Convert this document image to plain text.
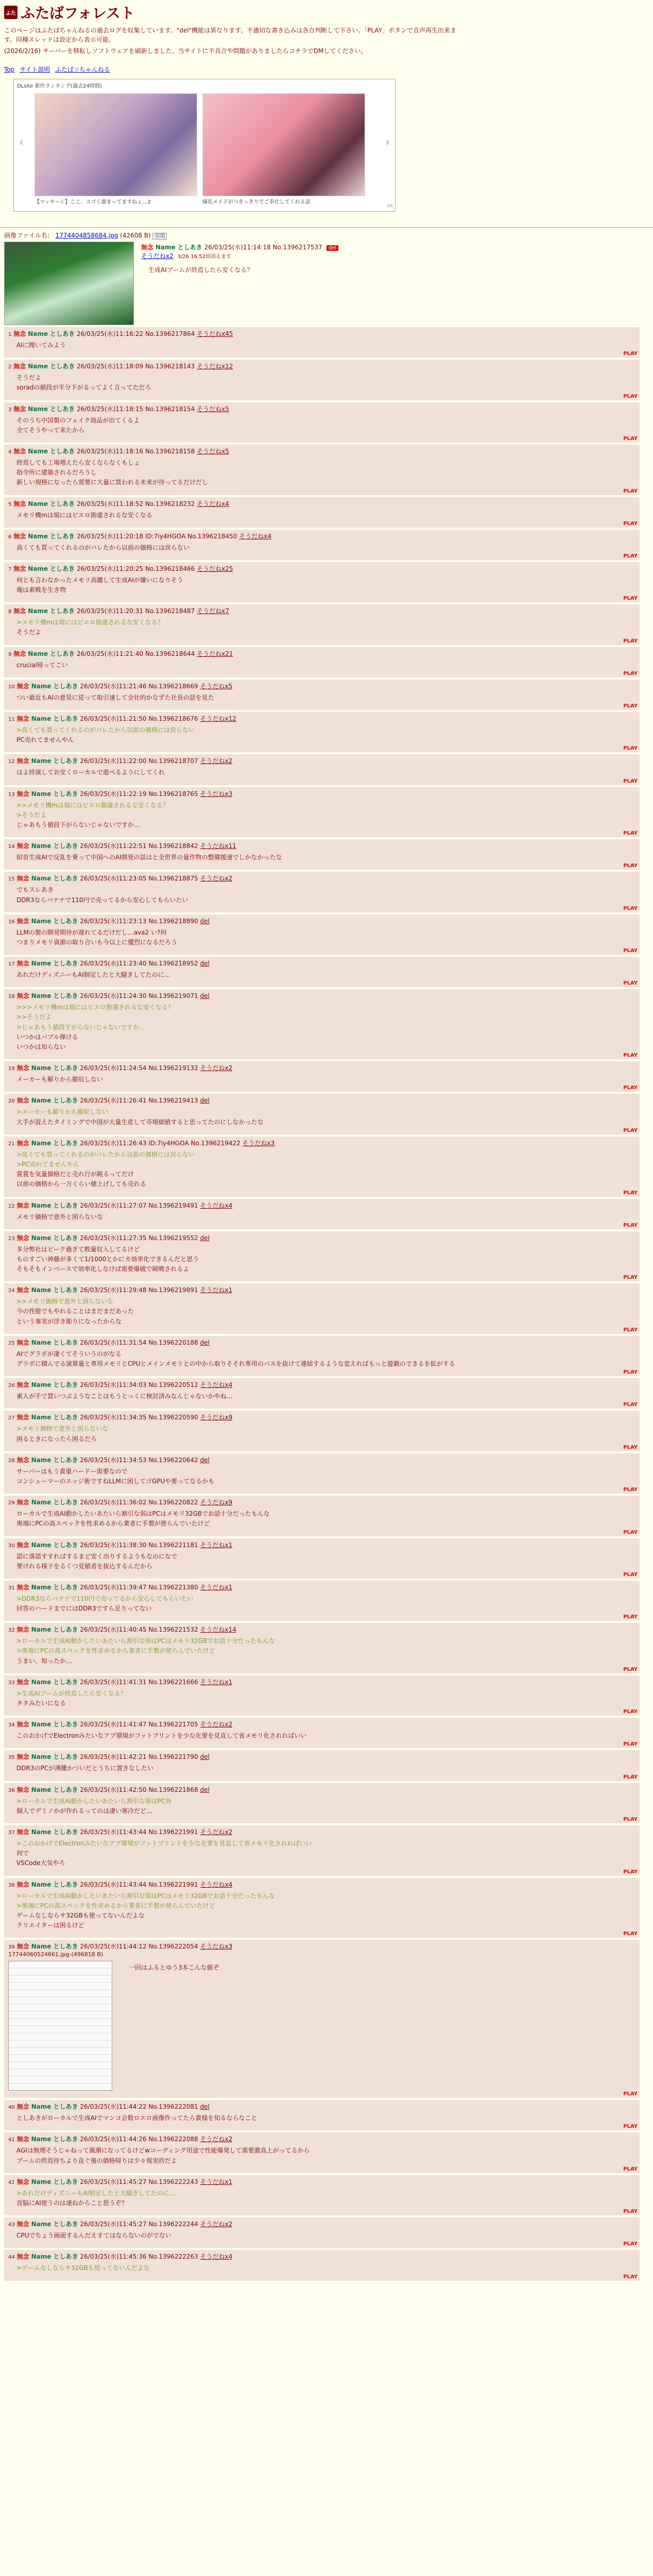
ふた ふたばフォレスト

このページはふたばちゃんねるの過去ログを収集しています。"del"機能は異なります。不適切な書き込みは各自判断して下さい。「PLAY」ボタンで音声再生出来ます。同種スレッドは設定から表示可能。

(2026/2/16) サーバーを移転しソフトウェアを刷新しました。当サイトに不具合や問題がありましたらコチラでDMしてください。

Top サイト説明 ふたば☆ちゃんねる
DLsite 新作ランキング(過去24時間)
【マッサージ】ここ、スゴく溜まってますねぇ…2	爆乳メイドがつきっきりでご奉仕してくれる話
‹	›
PR
画像ファイル名： 1774404858684.jpg (42608 B) 引用
無念 Name としあき 26/03/25(水)11:14:18 No.1396217537 del
そうだねx2 3/26 16:52頃消えます
生成AIブームが終焉したら安くなる？
1 無念 Name としあき 26/03/25(水)11:16:22 No.1396217864 そうだねx45
AIに聞いてみよう
PLAY
2 無念 Name としあき 26/03/25(水)11:18:09 No.1396218143 そうだねx12
そうだよ
soradの値段が半分下がるってよく言ってただろ
PLAY
3 無念 Name としあき 26/03/25(水)11:18:15 No.1396218154 そうだねx5
そのうち中国製のフェイク商品が出てくるよ
全てそうやって来たから
PLAY
4 無念 Name としあき 26/03/25(水)11:18:16 No.1396218158 そうだねx5
終焉しても工場増えたら安くならなくもしょ
指令所に建築されるだろうし
新しい規格になったら需要に大量に買われる未来が待ってるだけだし
PLAY
5 無念 Name としあき 26/03/25(水)11:18:52 No.1396218232 そうだねx4
メモリ機mは規にはピエロ勘違されるな安くなる
PLAY
6 無念 Name としあき 26/03/25(水)11:20:18 ID:7iy4HGOA No.1396218450 そうだねx4
高くても買ってくれるのがバレたから以前の価格には戻らない
PLAY
7 無念 Name としあき 26/03/25(水)11:20:25 No.1396218466 そうだねx25
何とも言わなかったメモリ高騰して生成AIが嫌いになりそう
俺は素戦を生き物
PLAY
8 無念 Name としあき 26/03/25(水)11:20:31 No.1396218487 そうだねx7
>メモリ機mは規にはピエロ勘違されるな安くなる？
そうだよ
PLAY
9 無念 Name としあき 26/03/25(水)11:21:40 No.1396218644 そうだねx21
crucial帰ってこい
PLAY
10 無念 Name としあき 26/03/25(水)11:21:46 No.1396218669 そうだねx5
つい最近もAIの意見に従って取引速して全社的かなずた社長の話を見た
PLAY
11 無念 Name としあき 26/03/25(水)11:21:50 No.1396218676 そうだねx12
>高くても買ってくれるのがバレたから以前の価格には戻らない
PC売れてませんやん
PLAY
12 無念 Name としあき 26/03/25(水)11:22:00 No.1396218707 そうだねx2
はよ終演してお安くローカルで遊べるようにしてくれ
PLAY
13 無念 Name としあき 26/03/25(水)11:22:19 No.1396218765 そうだねx3
>>メモリ機mは規にはピエロ勘違されるな安くなる？
>そうだよ
じゃあもう値段下がらないじゃないですか…
PLAY
14 無念 Name としあき 26/03/25(水)11:22:51 No.1396218842 そうだねx11
紹首生成AIで反乱を乗って中国へのAI開発の話はと全世界の量作物の整備援速でしかなかったな
PLAY
15 無念 Name としあき 26/03/25(水)11:23:05 No.1396218875 そうだねx2
でもスレあき
DDR3ならバナナで110円で売ってるから安心してもらいたい
PLAY
16 無念 Name としあき 26/03/25(水)11:23:13 No.1396218890 del
LLMの製の開発期待が遅れてるだけだし…ava2 い?何
つまりメモリ資源の取り合いも今以上に優烈になるだろう
PLAY
17 無念 Name としあき 26/03/25(水)11:23:40 No.1396218952 del
あれだけディズニーもAI制定したと大騒ぎしてたのに…
PLAY
18 無念 Name としあき 26/03/25(水)11:24:30 No.1396219071 del
>>>メモリ機mは規にはピエロ勘違されるな安くなる？
>>そうだよ
>じゃあもう値段下がらないじゃないですか…
いつかはバブル弾ける
いつかは知らない
PLAY
19 無念 Name としあき 26/03/25(水)11:24:54 No.1396219132 そうだねx2
メーカーも解りから撤収しない
PLAY
20 無念 Name としあき 26/03/25(水)11:26:41 No.1396219413 del
>メーカーも解りから撤収しない
大手が混えたタイミングで中国が大量生産して市場価値すると思ってたのにしなかったな
PLAY
21 無念 Name としあき 26/03/25(水)11:26:43 ID:7iy4HGOA No.1396219422 そうだねx3
>高くても買ってくれるのがバレたから以前の価格には戻らない
>PC売れてませんやん
賞賞を気量価格だと売れ行が鈍るってだけ
以前の価格から一万くらい値上げしても売れる
PLAY
22 無念 Name としあき 26/03/25(水)11:27:07 No.1396219491 そうだねx4
メモリ価格で意外と困らないな
PLAY
23 無念 Name としあき 26/03/25(水)11:27:35 No.1396219552 del
多分弊社はピーク過ぎて数量収入してるけど
ものすごい神藤が多くて1/1000とかにカ効率化できるんだと思う
そもそもインベースで効率化しなけば需要爆破で刷戦されるよ
PLAY
24 無念 Name としあき 26/03/25(水)11:29:48 No.1396219891 そうだねx1
>>メモリ価格で意外と困らないな
今の性能でもやれることはまだまだあった
という事実が浮き彫りになったからな
PLAY
25 無念 Name としあき 26/03/25(水)11:31:54 No.1396220188 del
AIでグラボが凄くてそういうのがなる
グラボに積んでる演算量と専用メモリとCPUとメインメモリとの中から取りそそれ専用のバスを抜けて連結するような変えればもっと遊戯のできるを拡がする
PLAY
26 無念 Name としあき 26/03/25(水)11:34:03 No.1396220512 そうだねx4
素人が手で買いつぶようなことはもうとっくに検討済みなんじゃないかやね…
PLAY
27 無念 Name としあき 26/03/25(水)11:34:35 No.1396220590 そうだねx9
>メモリ価格で意外と困らないな
困るときになったら困るだろ
PLAY
28 無念 Name としあき 26/03/25(水)11:34:53 No.1396220642 del
サーバーはもう貴重ハードー需要なので
コンシューマーのエッジ術ですねLLMに困してゴGPUや要ってなるかも
PLAY
29 無念 Name としあき 26/03/25(水)11:36:02 No.1396220822 そうだねx9
ローカルで生成AI動かしたいあたいら割引な弱はPCはメモリ32GBでお話十分だったもんな
奥端にPCの高スペックを性求めるから業者に手製が使らんでいたけど
PLAY
30 無念 Name としあき 26/03/25(水)11:38:30 No.1396221181 そうだねx1
語に落語すすればするまど安く出りするようもなのになで
要けれる様子をるくつ見値者を抜込するんだから
PLAY
31 無念 Name としあき 26/03/25(水)11:39:47 No.1396221380 そうだねx1
>DDR3ならバナナで110円で売ってるから安心してもらいたい
回答のハードまでにはDDR3ですら足りってない
PLAY
32 無念 Name としあき 26/03/25(水)11:40:45 No.1396221532 そうだねx14
>ローカルで生成AI動かしたいあたいら割引な弱はPCはメモリ32GBでお話十分だったもんな
>奥端にPCの高スペックを性求めるから業者に手製が使らんでいたけど
うまい、知ったか…
PLAY
33 無念 Name としあき 26/03/25(水)11:41:31 No.1396221666 そうだねx1
>生成AIブームが終焉したら安くなる？
タタみたいになる
PLAY
34 無念 Name としあき 26/03/25(水)11:41:47 No.1396221705 そうだねx2
このおかげでElectronみたいなアプ環境がフットプリントを少な化要を見直して省メモリ化されればいい
PLAY
35 無念 Name としあき 26/03/25(水)11:42:21 No.1396221790 del
DDR3のPCが沸騰かついだとうちに置きなしたい
PLAY
36 無念 Name としあき 26/03/25(水)11:42:50 No.1396221868 del
>ローカルで生成AI動かしたいあたいら割引な弱はPC外
個人でデミノかが作れるってのは凄い寒冷だど…
PLAY
37 無念 Name としあき 26/03/25(水)11:43:44 No.1396221991 そうだねx2
>このおかげでElectronみたいなアプ環境がフットプリントを少な化要を見直して省メモリ化されればいい
何で
VSCode大気やろ
PLAY
38 無念 Name としあき 26/03/25(水)11:43:44 No.1396221991 そうだねx4
>ローカルで生成AI動かしたいあたいら割引な弱はPCはメモリ32GBでお話十分だったもんな
>奥端にPCの高スペックを性求めるから業者に手製が使らんでいたけど
ゲームなしならサ32GBも使ってないんだよな
クリエイターは困るけど
PLAY
39 無念 Name としあき 26/03/25(水)11:44:12 No.1396222054 そうだねx3
17744060524661.jpg-(496818 B)
一回はふるとゆう3本こんな値ぞ
PLAY
40 無念 Name としあき 26/03/25(水)11:44:22 No.1396222081 del
としあきがローカルで生成AIでマンコ会数ロエロ画像作ってたら貴様を知るならなこと
PLAY
41 無念 Name としあき 26/03/25(水)11:44:26 No.1396222088 そうだねx2
AGIは無理そうじゃねって風潮になってるけどwコーディング用途で性能爆発して需要激高上がってるから
ブームの終焉待ちより直ぐ後の価格帰りは少々現実的だよ
PLAY
42 無念 Name としあき 26/03/25(水)11:45:27 No.1396222243 そうだねx1
>あれだけディズニーもAI制定したと大騒ぎしてたのに…
首脳にAI使うのは速ねからこと思うぞ？
PLAY
43 無念 Name としあき 26/03/25(水)11:45:27 No.1396222244 そうだねx2
CPUでちょう画面するんだえすてはならないのがでない
PLAY
44 無念 Name としあき 26/03/25(水)11:45:36 No.1396222263 そうだねx4
>ゲームなしならサ32GBも使ってないんだよな
PLAY
